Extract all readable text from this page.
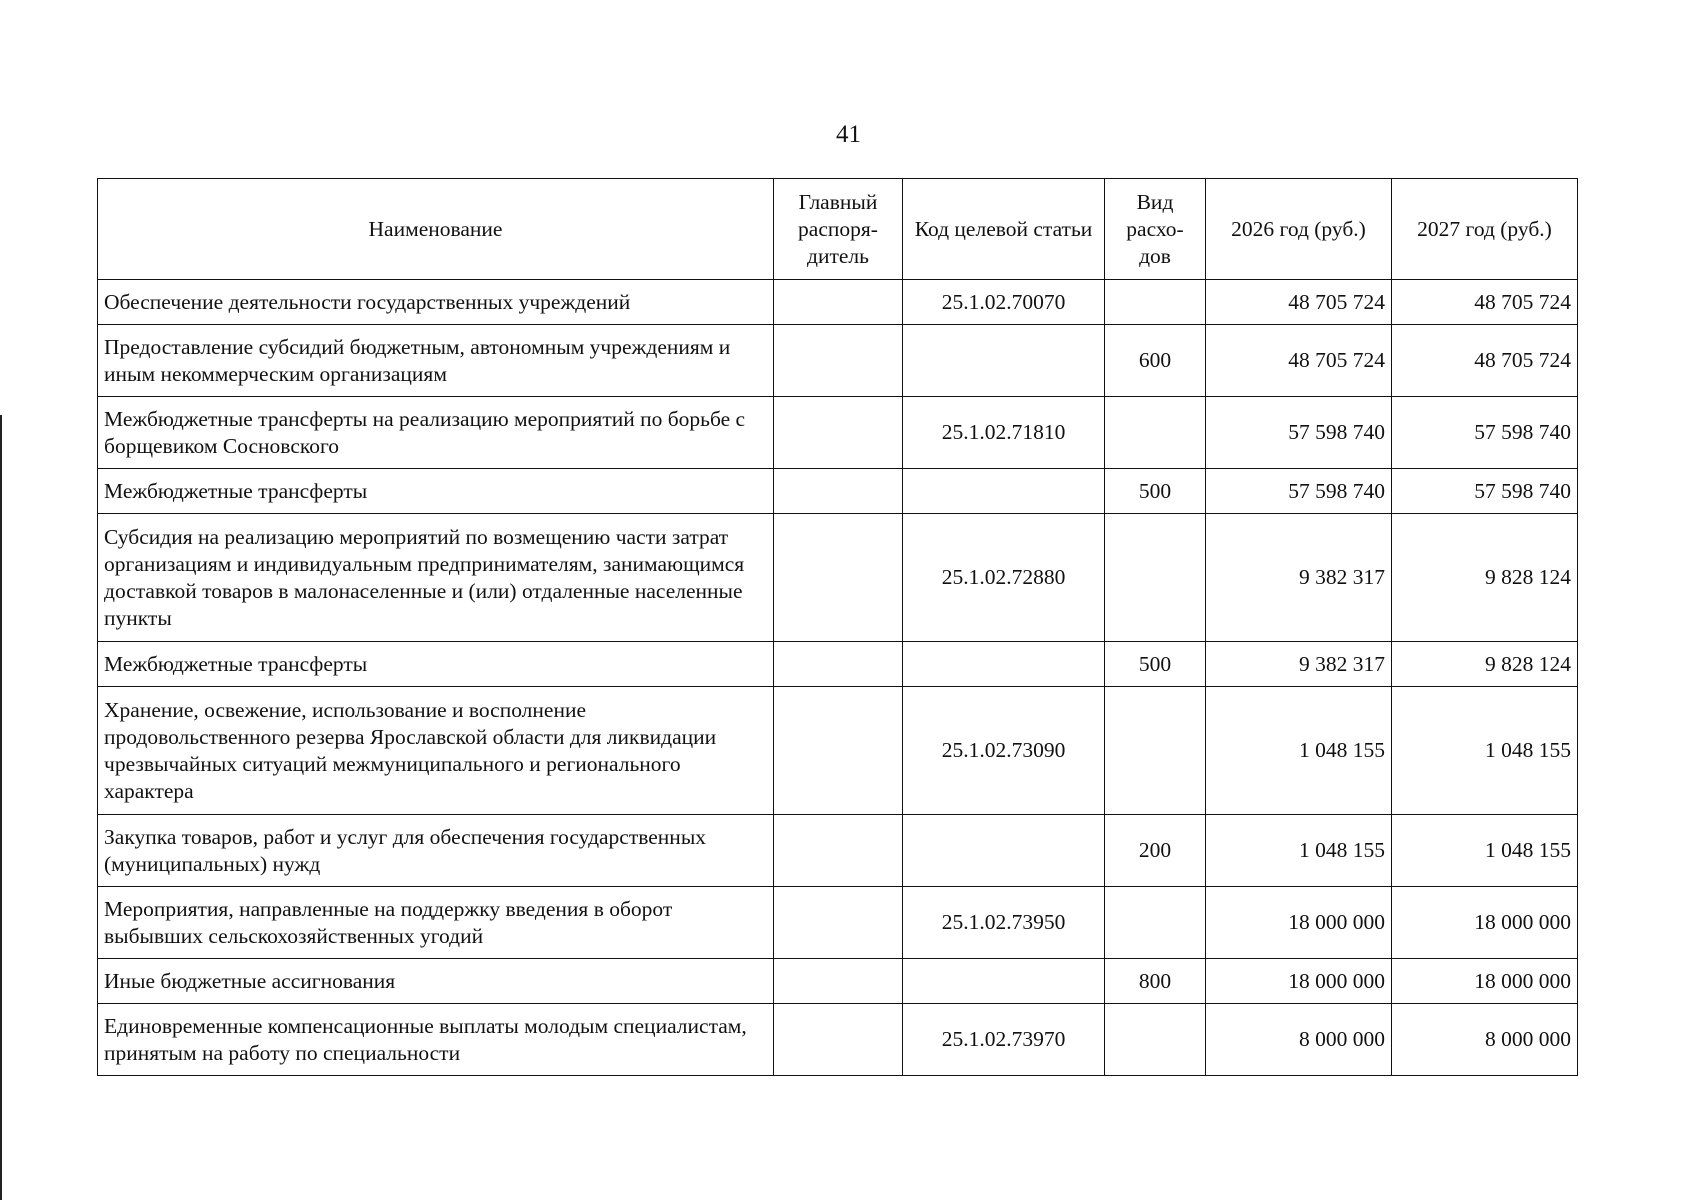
41
Наименование	Главный распоря-дитель	Код целевой статьи	Вид расхо-дов	2026 год (руб.)	2027 год (руб.)
Обеспечение деятельности государственных учреждений		25.1.02.70070		48 705 724	48 705 724
Предоставление субсидий бюджетным, автономным учреждениям и иным некоммерческим организациям			600	48 705 724	48 705 724
Межбюджетные трансферты на реализацию мероприятий по борьбе с борщевиком Сосновского		25.1.02.71810		57 598 740	57 598 740
Межбюджетные трансферты			500	57 598 740	57 598 740
Субсидия на реализацию мероприятий по возмещению части затрат организациям и индивидуальным предпринимателям, занимающимся доставкой товаров в малонаселенные и (или) отдаленные населенные пункты		25.1.02.72880		9 382 317	9 828 124
Межбюджетные трансферты			500	9 382 317	9 828 124
Хранение, освежение, использование и восполнение продовольственного резерва Ярославской области для ликвидации чрезвычайных ситуаций межмуниципального и регионального характера		25.1.02.73090		1 048 155	1 048 155
Закупка товаров, работ и услуг для обеспечения государственных (муниципальных) нужд			200	1 048 155	1 048 155
Мероприятия, направленные на поддержку введения в оборот выбывших сельскохозяйственных угодий		25.1.02.73950		18 000 000	18 000 000
Иные бюджетные ассигнования			800	18 000 000	18 000 000
Единовременные компенсационные выплаты молодым специалистам, принятым на работу по специальности		25.1.02.73970		8 000 000	8 000 000
